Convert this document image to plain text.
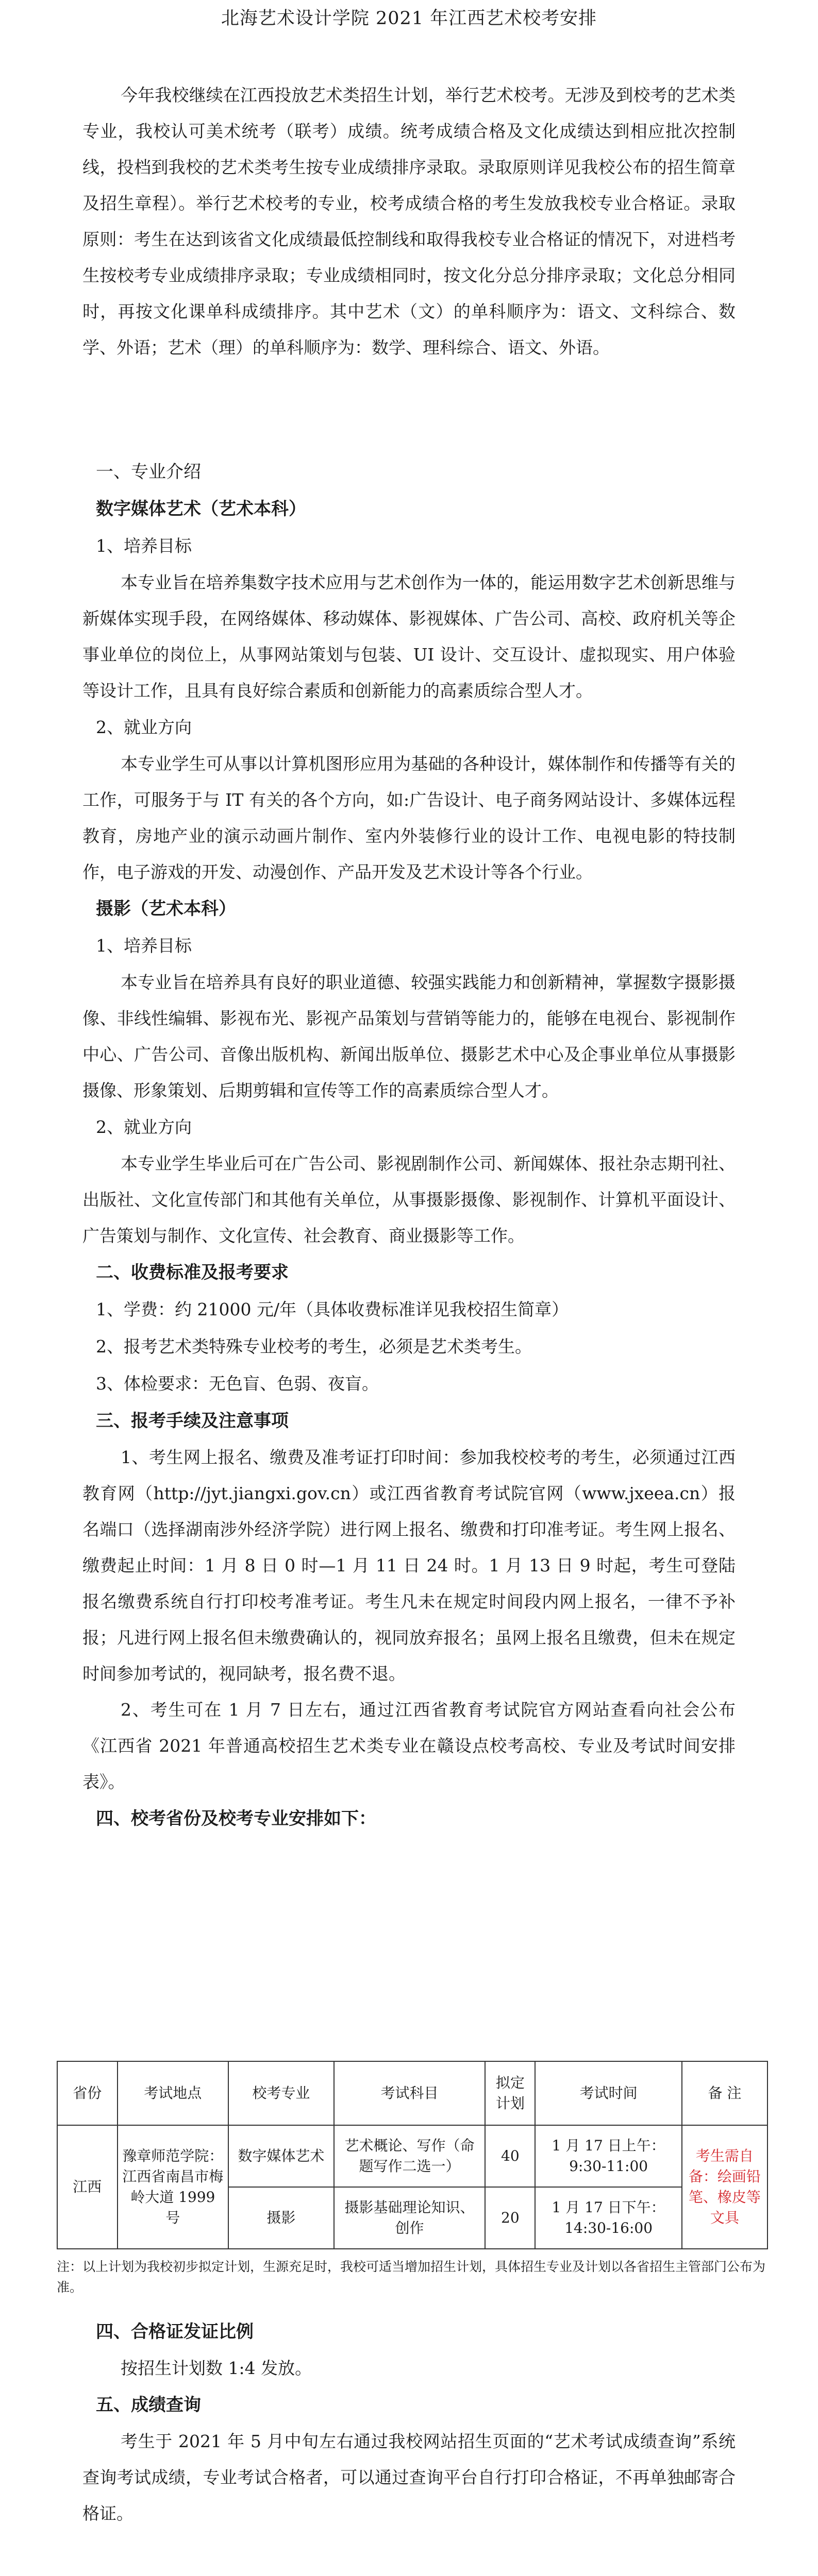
北海艺术设计学院 2021 年江西艺术校考安排

今年我校继续在江西投放艺术类招生计划，举行艺术校考。无涉及到校考的艺术类专业，我校认可美术统考（联考）成绩。统考成绩合格及文化成绩达到相应批次控制线，投档到我校的艺术类考生按专业成绩排序录取。录取原则详见我校公布的招生简章及招生章程）。举行艺术校考的专业，校考成绩合格的考生发放我校专业合格证。录取原则：考生在达到该省文化成绩最低控制线和取得我校专业合格证的情况下，对进档考生按校考专业成绩排序录取；专业成绩相同时，按文化分总分排序录取；文化总分相同时，再按文化课单科成绩排序。其中艺术（文）的单科顺序为：语文、文科综合、数学、外语；艺术（理）的单科顺序为：数学、理科综合、语文、外语。

一、专业介绍

数字媒体艺术（艺术本科）

1、培养目标

本专业旨在培养集数字技术应用与艺术创作为一体的，能运用数字艺术创新思维与新媒体实现手段，在网络媒体、移动媒体、影视媒体、广告公司、高校、政府机关等企事业单位的岗位上，从事网站策划与包装、UI 设计、交互设计、虚拟现实、用户体验等设计工作，且具有良好综合素质和创新能力的高素质综合型人才。

2、就业方向

本专业学生可从事以计算机图形应用为基础的各种设计，媒体制作和传播等有关的工作，可服务于与 IT 有关的各个方向，如:广告设计、电子商务网站设计、多媒体远程教育，房地产业的演示动画片制作、室内外装修行业的设计工作、电视电影的特技制作，电子游戏的开发、动漫创作、产品开发及艺术设计等各个行业。

摄影（艺术本科）

1、培养目标

本专业旨在培养具有良好的职业道德、较强实践能力和创新精神，掌握数字摄影摄像、非线性编辑、影视布光、影视产品策划与营销等能力的，能够在电视台、影视制作中心、广告公司、音像出版机构、新闻出版单位、摄影艺术中心及企事业单位从事摄影摄像、形象策划、后期剪辑和宣传等工作的高素质综合型人才。

2、就业方向

本专业学生毕业后可在广告公司、影视剧制作公司、新闻媒体、报社杂志期刊社、出版社、文化宣传部门和其他有关单位，从事摄影摄像、影视制作、计算机平面设计、广告策划与制作、文化宣传、社会教育、商业摄影等工作。

二、收费标准及报考要求

1、学费：约 21000 元/年（具体收费标准详见我校招生简章）

2、报考艺术类特殊专业校考的考生，必须是艺术类考生。

3、体检要求：无色盲、色弱、夜盲。

三、报考手续及注意事项

1、考生网上报名、缴费及准考证打印时间：参加我校校考的考生，必须通过江西教育网（http://jyt.jiangxi.gov.cn）或江西省教育考试院官网（www.jxeea.cn）报名端口（选择湖南涉外经济学院）进行网上报名、缴费和打印准考证。考生网上报名、缴费起止时间：1 月 8 日 0 时—1 月 11 日 24 时。1 月 13 日 9 时起，考生可登陆报名缴费系统自行打印校考准考证。考生凡未在规定时间段内网上报名，一律不予补报；凡进行网上报名但未缴费确认的，视同放弃报名；虽网上报名且缴费，但未在规定时间参加考试的，视同缺考，报名费不退。

2、考生可在 1 月 7 日左右，通过江西省教育考试院官方网站查看向社会公布《江西省 2021 年普通高校招生艺术类专业在赣设点校考高校、专业及考试时间安排表》。

四、校考省份及校考专业安排如下：

省份	考试地点	校考专业	考试科目	拟定计划	考试时间	备 注
江西	豫章师范学院：江西省南昌市梅岭大道 1999 号	数字媒体艺术	艺术概论、写作（命题写作二选一）	40	1 月 17 日上午：9:30-11:00	考生需自备：绘画铅笔、橡皮等文具
		摄影	摄影基础理论知识、创作	20	1 月 17 日下午：14:30-16:00	

注：以上计划为我校初步拟定计划，生源充足时，我校可适当增加招生计划，具体招生专业及计划以各省招生主管部门公布为准。

四、合格证发证比例

按招生计划数 1:4 发放。

五、成绩查询

考生于 2021 年 5 月中旬左右通过我校网站招生页面的“艺术考试成绩查询”系统查询考试成绩，专业考试合格者，可以通过查询平台自行打印合格证，不再单独邮寄合格证。
